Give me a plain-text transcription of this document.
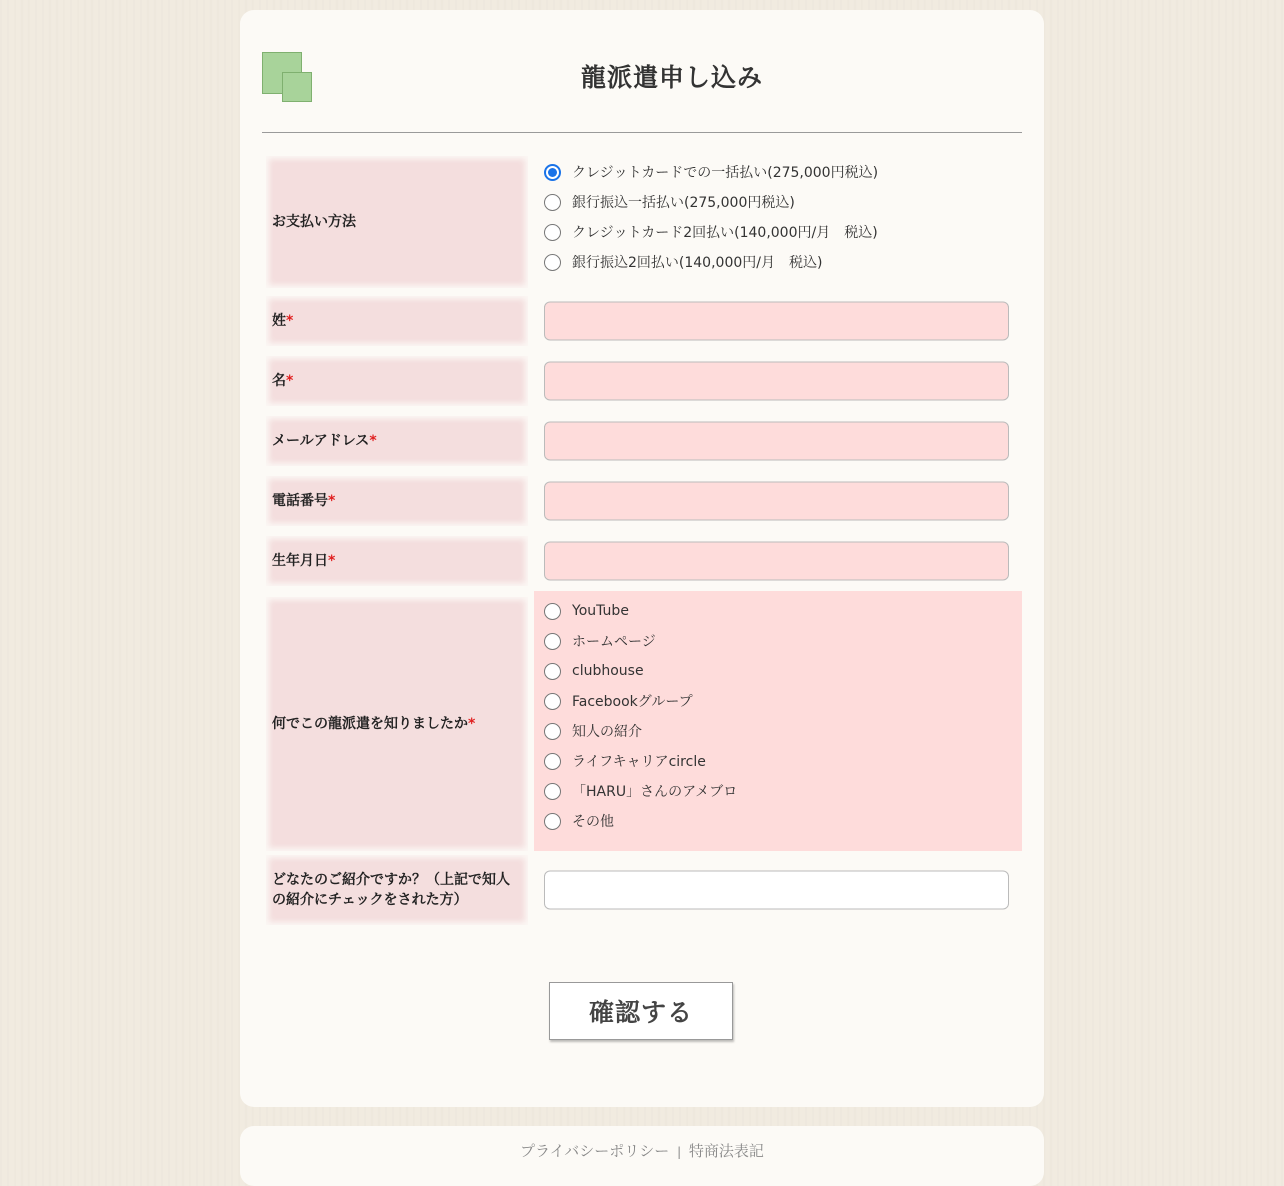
龍派遣申し込み
お支払い方法
クレジットカードでの一括払い(275,000円税込)
銀行振込一括払い(275,000円税込)
クレジットカード2回払い(140,000円/月　税込)
銀行振込2回払い(140,000円/月　税込)
姓 *
名 *
メールアドレス *
電話番号 *
生年月日 *
何でこの龍派遣を知りましたか *
YouTube
ホームページ
clubhouse
Facebookグループ
知人の紹介
ライフキャリアcircle
「HARU」さんのアメブロ
その他
どなたのご紹介ですか？（上記で知人
の紹介にチェックをされた方）
確認する
プライバシーポリシー | 特商法表記
